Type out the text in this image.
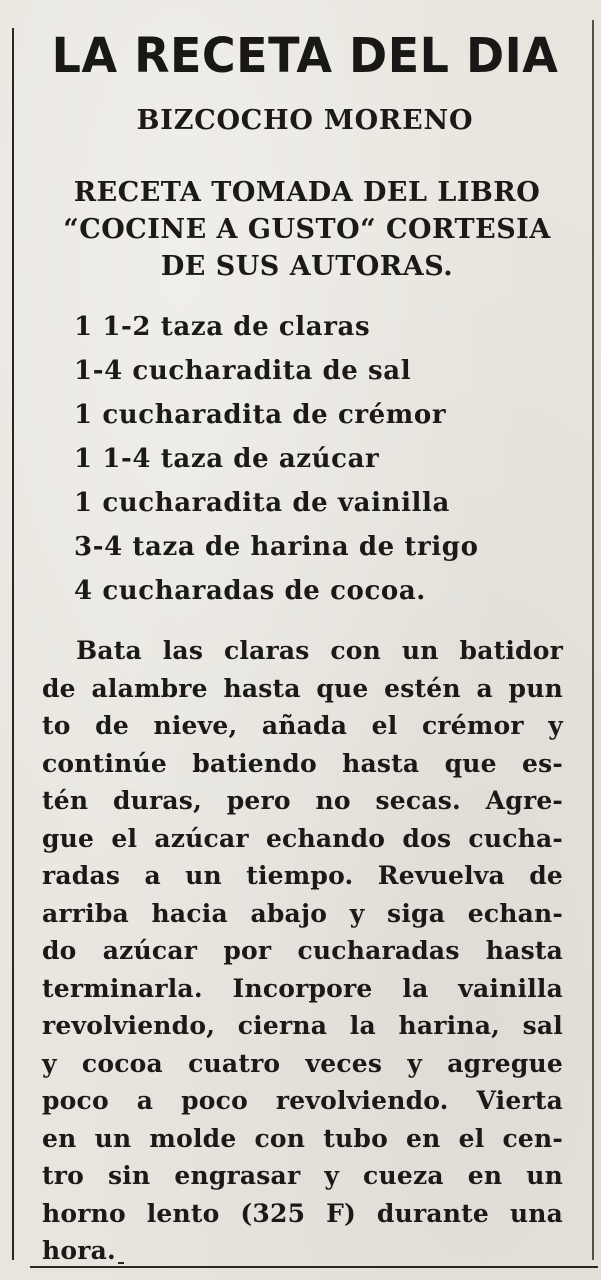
LA RECETA DEL DIA
BIZCOCHO MORENO
RECETA TOMADA DEL LIBRO
“COCINE A GUSTO“ CORTESIA
DE SUS AUTORAS.
1 1-2 taza de claras
1-4 cucharadita de sal
1 cucharadita de crémor
1 1-4 taza de azúcar
1 cucharadita de vainilla
3-4 taza de harina de trigo
4 cucharadas de cocoa.
Bata las claras con un batidor
de alambre hasta que estén a pun
to de nieve, añada el crémor y
continúe batiendo hasta que es-
tén duras, pero no secas. Agre-
gue el azúcar echando dos cucha-
radas a un tiempo. Revuelva de
arriba hacia abajo y siga echan-
do azúcar por cucharadas hasta
terminarla. Incorpore la vainilla
revolviendo, cierna la harina, sal
y cocoa cuatro veces y agregue
poco a poco revolviendo. Vierta
en un molde con tubo en el cen-
tro sin engrasar y cueza en un
horno lento (325 F) durante una
hora.
